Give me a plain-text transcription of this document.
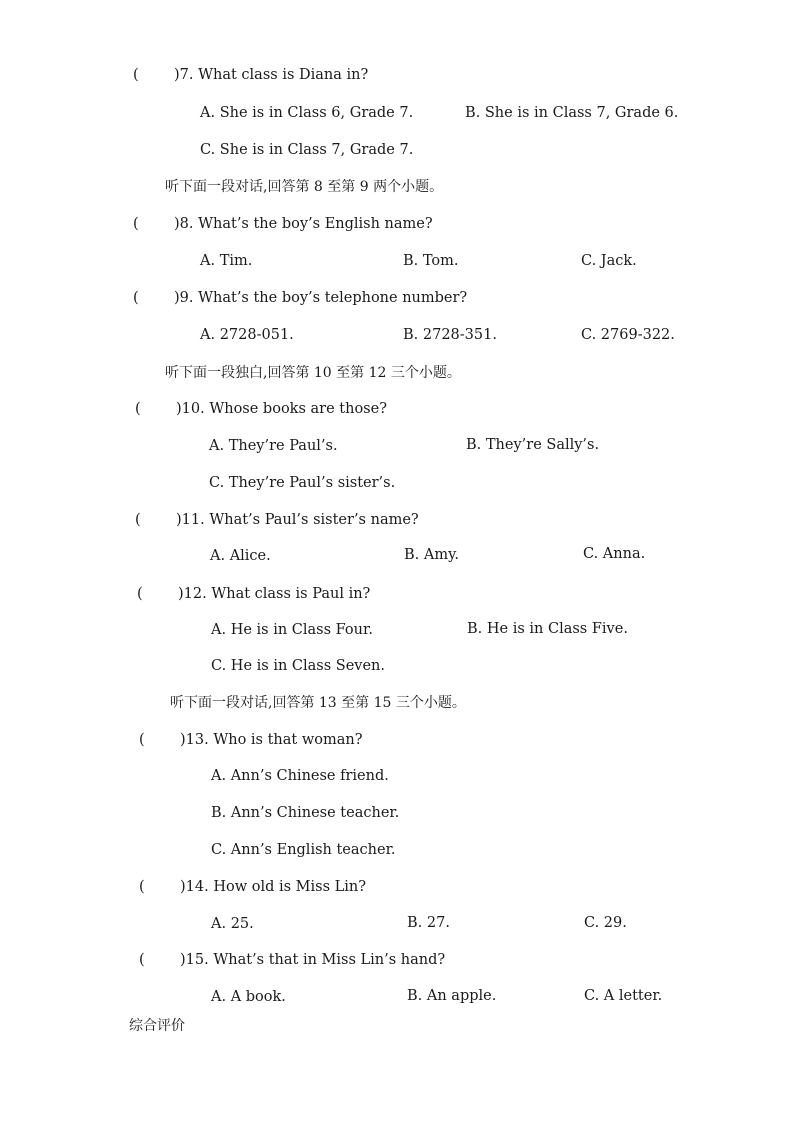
( )7. What class is Diana in?
A. She is in Class 6, Grade 7.	B. She is in Class 7, Grade 6.
C. She is in Class 7, Grade 7.
听下面一段对话,回答第 8 至第 9 两个小题。
( )8. What’s the boy’s English name?
A. Tim.	B. Tom.	C. Jack.
( )9. What’s the boy’s telephone number?
A. 2728-051.	B. 2728-351.	C. 2769-322.
听下面一段独白,回答第 10 至第 12 三个小题。
( )10. Whose books are those?
A. They’re Paul’s.	B. They’re Sally’s.
C. They’re Paul’s sister’s.
( )11. What’s Paul’s sister’s name?
A. Alice.	B. Amy.	C. Anna.
( )12. What class is Paul in?
A. He is in Class Four.	B. He is in Class Five.
C. He is in Class Seven.
听下面一段对话,回答第 13 至第 15 三个小题。
( )13. Who is that woman?
A. Ann’s Chinese friend.
B. Ann’s Chinese teacher.
C. Ann’s English teacher.
( )14. How old is Miss Lin?
A. 25.	B. 27.	C. 29.
( )15. What’s that in Miss Lin’s hand?
A. A book.	B. An apple.	C. A letter.
综合评价
